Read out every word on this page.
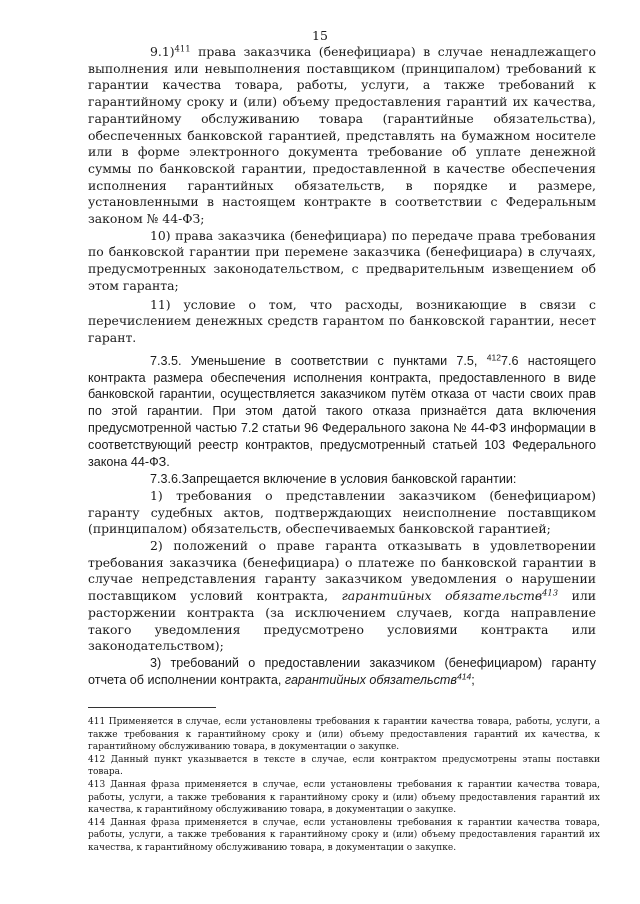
15

9.1)$^{411}$ права заказчика (бенефициара) в случае ненадлежащего выполнения или невыполнения поставщиком (принципалом) требований к гарантии качества товара, работы, услуги, а также требований к гарантийному сроку и (или) объему предоставления гарантий их качества, гарантийному обслуживанию товара (гарантийные обязательства), обеспеченных банковской гарантией, представлять на бумажном носителе или в форме электронного документа требование об уплате денежной суммы по банковской гарантии, предоставленной в качестве обеспечения исполнения гарантийных обязательств, в порядке и размере, установленными в настоящем контракте в соответствии с Федеральным законом № 44-ФЗ;

10) права заказчика (бенефициара) по передаче права требования по банковской гарантии при перемене заказчика (бенефициара) в случаях, предусмотренных законодательством, с предварительным извещением об этом гаранта;

11) условие о том, что расходы, возникающие в связи с перечислением денежных средств гарантом по банковской гарантии, несет гарант.

7.3.5. Уменьшение в соответствии с пунктами 7.5, $^{412}$7.6 настоящего контракта размера обеспечения исполнения контракта, предоставленного в виде банковской гарантии, осуществляется заказчиком путём отказа от части своих прав по этой гарантии. При этом датой такого отказа признаётся дата включения предусмотренной частью 7.2 статьи 96 Федерального закона № 44-ФЗ информации в соответствующий реестр контрактов, предусмотренный статьей 103 Федерального закона 44-ФЗ.

7.3.6.Запрещается включение в условия банковской гарантии:

1) требования о представлении заказчиком (бенефициаром) гаранту судебных актов, подтверждающих неисполнение поставщиком (принципалом) обязательств, обеспечиваемых банковской гарантией;

2) положений о праве гаранта отказывать в удовлетворении требования заказчика (бенефициара) о платеже по банковской гарантии в случае непредставления гаранту заказчиком уведомления о нарушении поставщиком условий контракта, гарантийных обязательств$^{413}$ или расторжении контракта (за исключением случаев, когда направление такого уведомления предусмотрено условиями контракта или законодательством);

3) требований о предоставлении заказчиком (бенефициаром) гаранту отчета об исполнении контракта, гарантийных обязательств$^{414}$;

411 Применяется в случае, если установлены требования к гарантии качества товара, работы, услуги, а также требования к гарантийному сроку и (или) объему предоставления гарантий их качества, к гарантийному обслуживанию товара, в документации о закупке.

412 Данный пункт указывается в тексте в случае, если контрактом предусмотрены этапы поставки товара.

413 Данная фраза применяется в случае, если установлены требования к гарантии качества товара, работы, услуги, а также требования к гарантийному сроку и (или) объему предоставления гарантий их качества, к гарантийному обслуживанию товара, в документации о закупке.

414 Данная фраза применяется в случае, если установлены требования к гарантии качества товара, работы, услуги, а также требования к гарантийному сроку и (или) объему предоставления гарантий их качества, к гарантийному обслуживанию товара, в документации о закупке.
